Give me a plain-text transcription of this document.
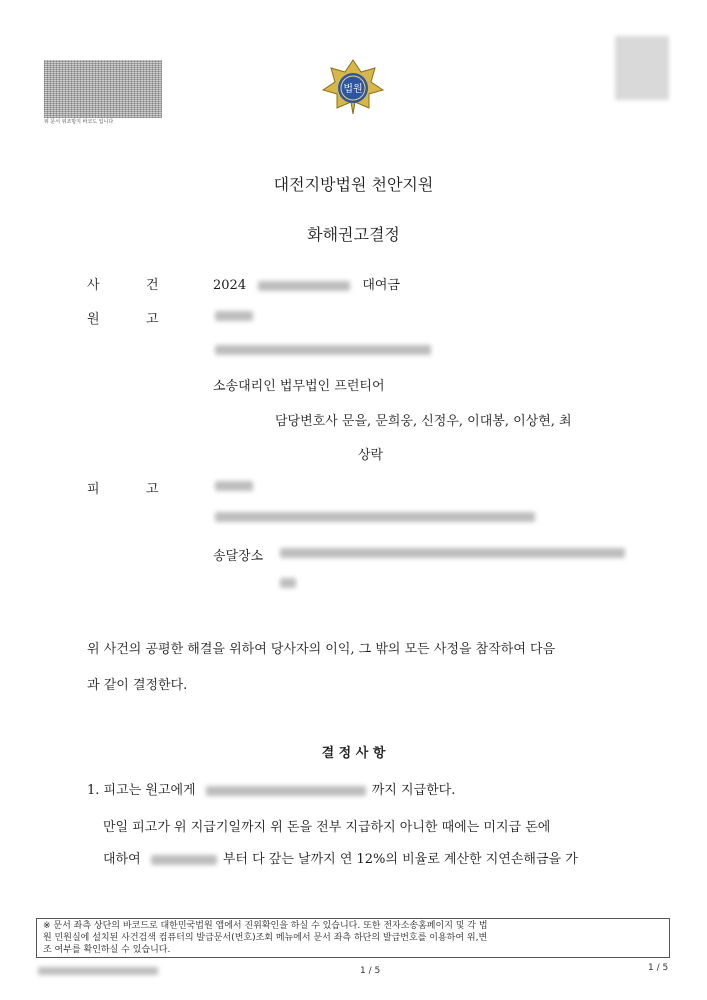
위 문서 위조방지 바코드 입니다
법원
대전지방법원 천안지원
화해권고결정
사	건	2024	대여금
원	고
소송대리인 법무법인 프런티어
담당변호사 문을, 문희웅, 신정우, 이대봉, 이상현, 최
상락
피	고
송달장소
위 사건의 공평한 해결을 위하여 당사자의 이익, 그 밖의 모든 사정을 참작하여 다음
과 같이 결정한다.
결 정 사 항
1. 피고는 원고에게	까지 지급한다.
만일 피고가 위 지급기일까지 위 돈을 전부 지급하지 아니한 때에는 미지급 돈에
대하여	부터 다 갚는 날까지 연 12%의 비율로 계산한 지연손해금을 가
※ 문서 좌측 상단의 바코드로 대한민국법원 앱에서 진위확인을 하실 수 있습니다. 또한 전자소송홈페이지 및 각 법
원 민원실에 설치된 사건검색 컴퓨터의 발급문서(번호)조회 메뉴에서 문서 좌측 하단의 발급번호를 이용하여 위,변
조 여부를 확인하실 수 있습니다.
1 / 5	1 / 5
